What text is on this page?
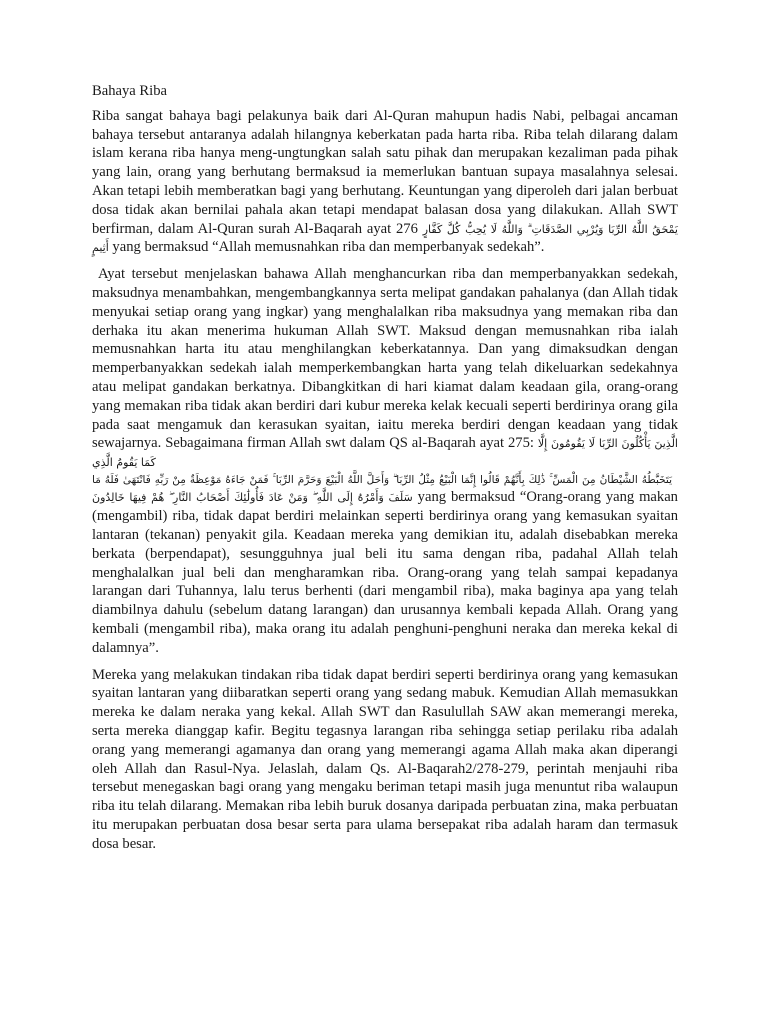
Bahaya Riba

Riba sangat bahaya bagi pelakunya baik dari Al-Quran mahupun hadis Nabi, pelbagai ancaman bahaya tersebut antaranya adalah hilangnya keberkatan pada harta riba. Riba telah dilarang dalam islam kerana riba hanya meng-ungtungkan salah satu pihak dan merupakan kezaliman pada pihak yang lain, orang yang berhutang bermaksud ia memerlukan bantuan supaya masalahnya selesai. Akan tetapi lebih memberatkan bagi yang berhutang. Keuntungan yang diperoleh dari jalan berbuat dosa tidak akan bernilai pahala akan tetapi mendapat balasan dosa yang dilakukan. Allah SWT berfirman, dalam Al-Quran surah Al-Baqarah ayat 276 يَمْحَقُ اللَّهُ الرِّبَا وَيُرْبِي الصَّدَقَاتِ ۗ وَاللَّهُ لَا يُحِبُّ كُلَّ كَفَّارٍ أَثِيمٍ yang bermaksud “Allah memusnahkan riba dan memperbanyak sedekah”.

Ayat tersebut menjelaskan bahawa Allah menghancurkan riba dan memperbanyakkan sedekah, maksudnya menambahkan, mengembangkannya serta melipat gandakan pahalanya (dan Allah tidak menyukai setiap orang yang ingkar) yang menghalalkan riba maksudnya yang memakan riba dan derhaka itu akan menerima hukuman Allah SWT. Maksud dengan memusnahkan riba ialah memusnahkan harta itu atau menghilangkan keberkatannya. Dan yang dimaksudkan dengan memperbanyakkan sedekah ialah memperkembangkan harta yang telah dikeluarkan sedekahnya atau melipat gandakan berkatnya. Dibangkitkan di hari kiamat dalam keadaan gila, orang-orang yang memakan riba tidak akan berdiri dari kubur mereka kelak kecuali seperti berdirinya orang gila pada saat mengamuk dan kerasukan syaitan, iaitu mereka berdiri dengan keadaan yang tidak sewajarnya. Sebagaimana firman Allah swt dalam QS al-Baqarah ayat 275: الَّذِينَ يَأْكُلُونَ الرِّبَا لَا يَقُومُونَ إِلَّا كَمَا يَقُومُ الَّذِي
يَتَخَبَّطُهُ الشَّيْطَانُ مِنَ الْمَسِّ ۚ ذَٰلِكَ بِأَنَّهُمْ قَالُوا إِنَّمَا الْبَيْعُ مِثْلُ الرِّبَا ۗ وَأَحَلَّ اللَّهُ الْبَيْعَ وَحَرَّمَ الرِّبَا ۚ فَمَنْ جَاءَهُ مَوْعِظَةٌ مِنْ رَبِّهِ فَانْتَهَىٰ فَلَهُ مَا
سَلَفَ وَأَمْرُهُ إِلَى اللَّهِ ۖ وَمَنْ عَادَ فَأُولَٰئِكَ أَصْحَابُ النَّارِ ۖ هُمْ فِيهَا خَالِدُونَ yang bermaksud “Orang-orang yang makan (mengambil) riba, tidak dapat berdiri melainkan seperti berdirinya orang yang kemasukan syaitan lantaran (tekanan) penyakit gila. Keadaan mereka yang demikian itu, adalah disebabkan mereka berkata (berpendapat), sesungguhnya jual beli itu sama dengan riba, padahal Allah telah menghalalkan jual beli dan mengharamkan riba. Orang-orang yang telah sampai kepadanya larangan dari Tuhannya, lalu terus berhenti (dari mengambil riba), maka baginya apa yang telah diambilnya dahulu (sebelum datang larangan) dan urusannya kembali kepada Allah. Orang yang kembali (mengambil riba), maka orang itu adalah penghuni-penghuni neraka dan mereka kekal di dalamnya”.

Mereka yang melakukan tindakan riba tidak dapat berdiri seperti berdirinya orang yang kemasukan syaitan lantaran yang diibaratkan seperti orang yang sedang mabuk. Kemudian Allah memasukkan mereka ke dalam neraka yang kekal. Allah SWT dan Rasulullah SAW akan memerangi mereka, serta mereka dianggap kafir. Begitu tegasnya larangan riba sehingga setiap perilaku riba adalah orang yang memerangi agamanya dan orang yang memerangi agama Allah maka akan diperangi oleh Allah dan Rasul-Nya. Jelaslah, dalam Qs. Al-Baqarah2/278-279, perintah menjauhi riba tersebut menegaskan bagi orang yang mengaku beriman tetapi masih juga menuntut riba walaupun riba itu telah dilarang. Memakan riba lebih buruk dosanya daripada perbuatan zina, maka perbuatan itu merupakan perbuatan dosa besar serta para ulama bersepakat riba adalah haram dan termasuk dosa besar.
